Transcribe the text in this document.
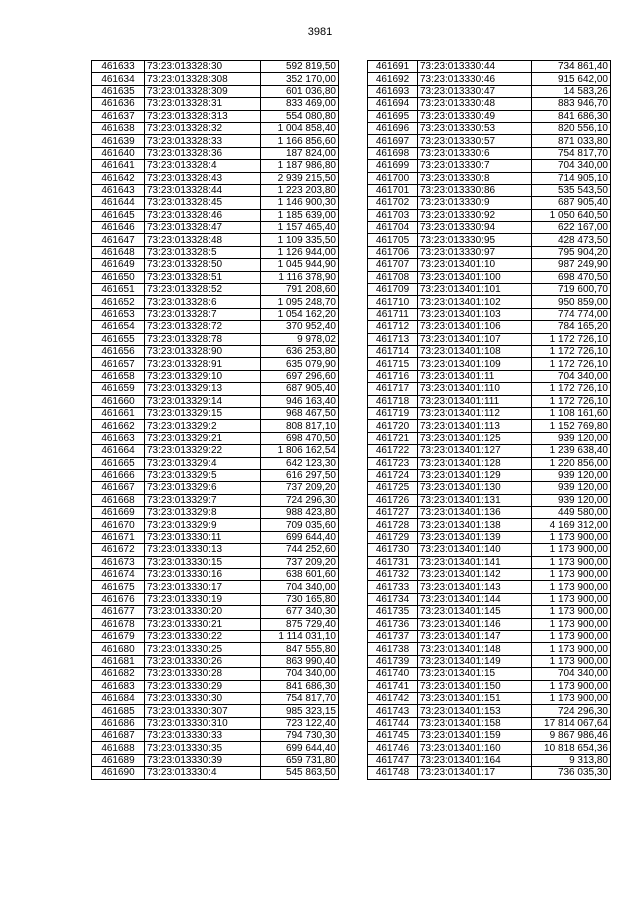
3981
461633	73:23:013328:30	592 819,50
461634	73:23:013328:308	352 170,00
461635	73:23:013328:309	601 036,80
461636	73:23:013328:31	833 469,00
461637	73:23:013328:313	554 080,80
461638	73:23:013328:32	1 004 858,40
461639	73:23:013328:33	1 166 856,60
461640	73:23:013328:36	187 824,00
461641	73:23:013328:4	1 187 986,80
461642	73:23:013328:43	2 939 215,50
461643	73:23:013328:44	1 223 203,80
461644	73:23:013328:45	1 146 900,30
461645	73:23:013328:46	1 185 639,00
461646	73:23:013328:47	1 157 465,40
461647	73:23:013328:48	1 109 335,50
461648	73:23:013328:5	1 126 944,00
461649	73:23:013328:50	1 045 944,90
461650	73:23:013328:51	1 116 378,90
461651	73:23:013328:52	791 208,60
461652	73:23:013328:6	1 095 248,70
461653	73:23:013328:7	1 054 162,20
461654	73:23:013328:72	370 952,40
461655	73:23:013328:78	9 978,02
461656	73:23:013328:90	636 253,80
461657	73:23:013328:91	635 079,90
461658	73:23:013329:10	697 296,60
461659	73:23:013329:13	687 905,40
461660	73:23:013329:14	946 163,40
461661	73:23:013329:15	968 467,50
461662	73:23:013329:2	808 817,10
461663	73:23:013329:21	698 470,50
461664	73:23:013329:22	1 806 162,54
461665	73:23:013329:4	642 123,30
461666	73:23:013329:5	616 297,50
461667	73:23:013329:6	737 209,20
461668	73:23:013329:7	724 296,30
461669	73:23:013329:8	988 423,80
461670	73:23:013329:9	709 035,60
461671	73:23:013330:11	699 644,40
461672	73:23:013330:13	744 252,60
461673	73:23:013330:15	737 209,20
461674	73:23:013330:16	638 601,60
461675	73:23:013330:17	704 340,00
461676	73:23:013330:19	730 165,80
461677	73:23:013330:20	677 340,30
461678	73:23:013330:21	875 729,40
461679	73:23:013330:22	1 114 031,10
461680	73:23:013330:25	847 555,80
461681	73:23:013330:26	863 990,40
461682	73:23:013330:28	704 340,00
461683	73:23:013330:29	841 686,30
461684	73:23:013330:30	754 817,70
461685	73:23:013330:307	985 323,15
461686	73:23:013330:310	723 122,40
461687	73:23:013330:33	794 730,30
461688	73:23:013330:35	699 644,40
461689	73:23:013330:39	659 731,80
461690	73:23:013330:4	545 863,50
461691	73:23:013330:44	734 861,40
461692	73:23:013330:46	915 642,00
461693	73:23:013330:47	14 583,26
461694	73:23:013330:48	883 946,70
461695	73:23:013330:49	841 686,30
461696	73:23:013330:53	820 556,10
461697	73:23:013330:57	871 033,80
461698	73:23:013330:6	754 817,70
461699	73:23:013330:7	704 340,00
461700	73:23:013330:8	714 905,10
461701	73:23:013330:86	535 543,50
461702	73:23:013330:9	687 905,40
461703	73:23:013330:92	1 050 640,50
461704	73:23:013330:94	622 167,00
461705	73:23:013330:95	428 473,50
461706	73:23:013330:97	795 904,20
461707	73:23:013401:10	987 249,90
461708	73:23:013401:100	698 470,50
461709	73:23:013401:101	719 600,70
461710	73:23:013401:102	950 859,00
461711	73:23:013401:103	774 774,00
461712	73:23:013401:106	784 165,20
461713	73:23:013401:107	1 172 726,10
461714	73:23:013401:108	1 172 726,10
461715	73:23:013401:109	1 172 726,10
461716	73:23:013401:11	704 340,00
461717	73:23:013401:110	1 172 726,10
461718	73:23:013401:111	1 172 726,10
461719	73:23:013401:112	1 108 161,60
461720	73:23:013401:113	1 152 769,80
461721	73:23:013401:125	939 120,00
461722	73:23:013401:127	1 239 638,40
461723	73:23:013401:128	1 220 856,00
461724	73:23:013401:129	939 120,00
461725	73:23:013401:130	939 120,00
461726	73:23:013401:131	939 120,00
461727	73:23:013401:136	449 580,00
461728	73:23:013401:138	4 169 312,00
461729	73:23:013401:139	1 173 900,00
461730	73:23:013401:140	1 173 900,00
461731	73:23:013401:141	1 173 900,00
461732	73:23:013401:142	1 173 900,00
461733	73:23:013401:143	1 173 900,00
461734	73:23:013401:144	1 173 900,00
461735	73:23:013401:145	1 173 900,00
461736	73:23:013401:146	1 173 900,00
461737	73:23:013401:147	1 173 900,00
461738	73:23:013401:148	1 173 900,00
461739	73:23:013401:149	1 173 900,00
461740	73:23:013401:15	704 340,00
461741	73:23:013401:150	1 173 900,00
461742	73:23:013401:151	1 173 900,00
461743	73:23:013401:153	724 296,30
461744	73:23:013401:158	17 814 067,64
461745	73:23:013401:159	9 867 986,46
461746	73:23:013401:160	10 818 654,36
461747	73:23:013401:164	9 313,80
461748	73:23:013401:17	736 035,30
